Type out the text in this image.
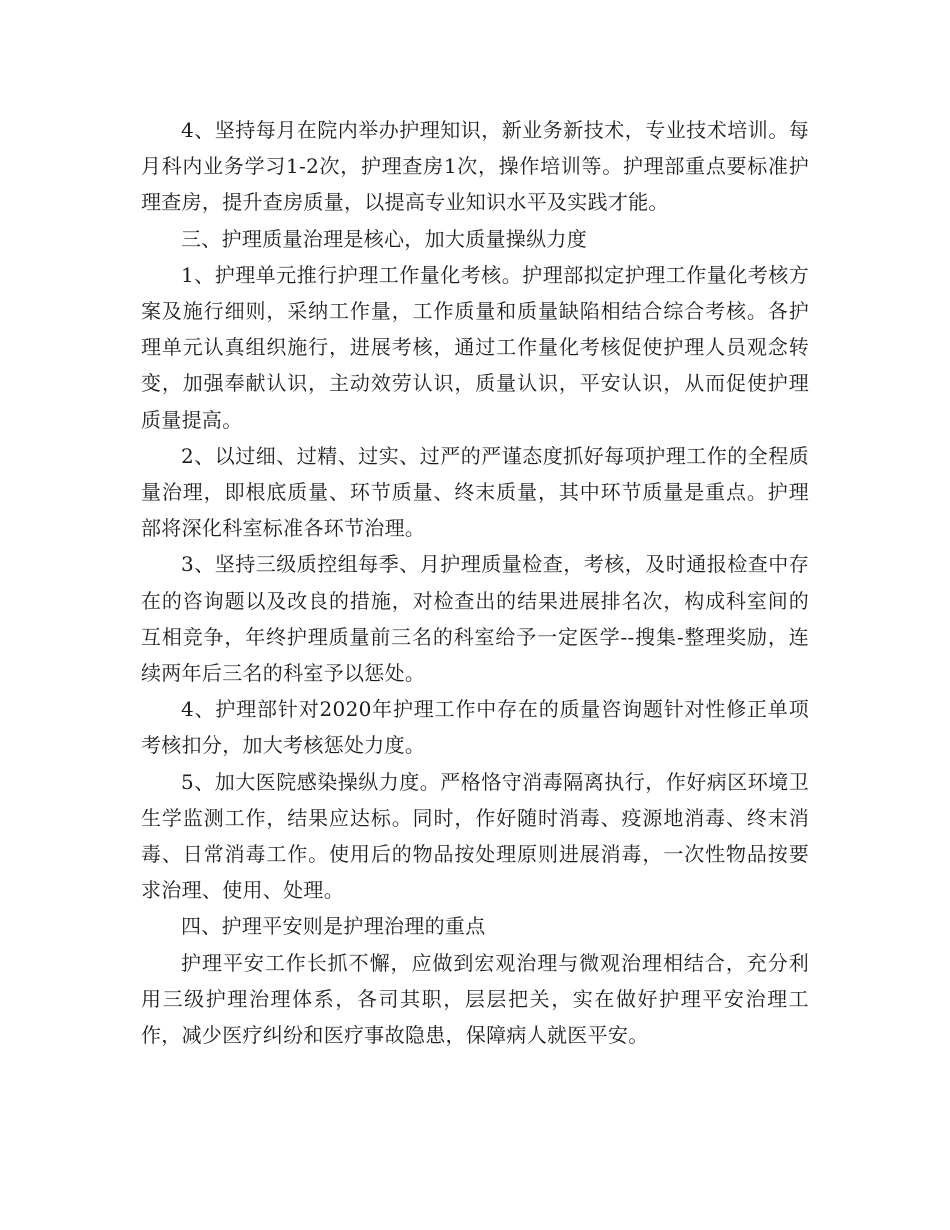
4、坚持每月在院内举办护理知识，新业务新技术，专业技术培训。每月科内业务学习1-2次，护理查房1次，操作培训等。护理部重点要标准护理查房，提升查房质量，以提高专业知识水平及实践才能。

三、护理质量治理是核心，加大质量操纵力度

1、护理单元推行护理工作量化考核。护理部拟定护理工作量化考核方案及施行细则，采纳工作量，工作质量和质量缺陷相结合综合考核。各护理单元认真组织施行，进展考核，通过工作量化考核促使护理人员观念转变，加强奉献认识，主动效劳认识，质量认识，平安认识，从而促使护理质量提高。

2、以过细、过精、过实、过严的严谨态度抓好每项护理工作的全程质量治理，即根底质量、环节质量、终末质量，其中环节质量是重点。护理部将深化科室标准各环节治理。

3、坚持三级质控组每季、月护理质量检查，考核，及时通报检查中存在的咨询题以及改良的措施，对检查出的结果进展排名次，构成科室间的互相竞争，年终护理质量前三名的科室给予一定医学--搜集-整理奖励，连续两年后三名的科室予以惩处。

4、护理部针对2020年护理工作中存在的质量咨询题针对性修正单项考核扣分，加大考核惩处力度。

5、加大医院感染操纵力度。严格恪守消毒隔离执行，作好病区环境卫生学监测工作，结果应达标。同时，作好随时消毒、疫源地消毒、终末消毒、日常消毒工作。使用后的物品按处理原则进展消毒，一次性物品按要求治理、使用、处理。

四、护理平安则是护理治理的重点

护理平安工作长抓不懈，应做到宏观治理与微观治理相结合，充分利用三级护理治理体系，各司其职，层层把关，实在做好护理平安治理工作，减少医疗纠纷和医疗事故隐患，保障病人就医平安。
